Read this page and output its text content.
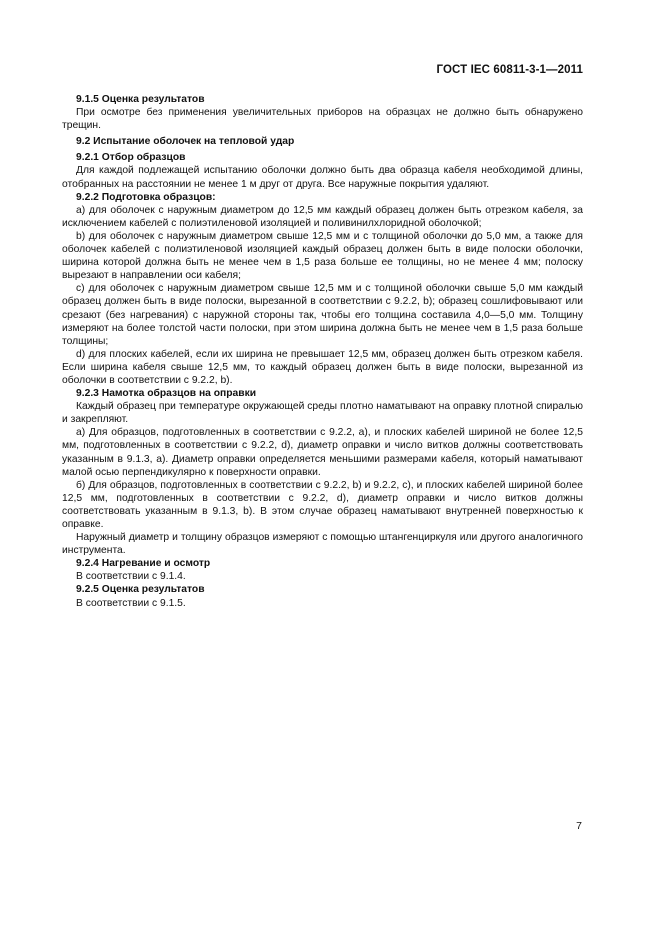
ГОСТ IEC 60811-3-1—2011

9.1.5 Оценка результатов

При осмотре без применения увеличительных приборов на образцах не должно быть обнаружено трещин.

9.2 Испытание оболочек на тепловой удар

9.2.1 Отбор образцов

Для каждой подлежащей испытанию оболочки должно быть два образца кабеля необходимой длины, отобранных на расстоянии не менее 1 м друг от друга. Все наружные покрытия удаляют.

9.2.2 Подготовка образцов:

а) для оболочек с наружным диаметром до 12,5 мм каждый образец должен быть отрезком кабеля, за исключением кабелей с полиэтиленовой изоляцией и поливинилхлоридной оболочкой;

b) для оболочек с наружным диаметром свыше 12,5 мм и с толщиной оболочки до 5,0 мм, а также для оболочек кабелей с полиэтиленовой изоляцией каждый образец должен быть в виде полоски оболочки, ширина которой должна быть не менее чем в 1,5 раза больше ее толщины, но не менее 4 мм; полоску вырезают в направлении оси кабеля;

c) для оболочек с наружным диаметром свыше 12,5 мм и с толщиной оболочки свыше 5,0 мм каждый образец должен быть в виде полоски, вырезанной в соответствии с 9.2.2, b); образец сошлифовывают или срезают (без нагревания) с наружной стороны так, чтобы его толщина составила 4,0—5,0 мм. Толщину измеряют на более толстой части полоски, при этом ширина должна быть не менее чем в 1,5 раза больше толщины;

d) для плоских кабелей, если их ширина не превышает 12,5 мм, образец должен быть отрезком кабеля. Если ширина кабеля свыше 12,5 мм, то каждый образец должен быть в виде полоски, вырезанной из оболочки в соответствии с 9.2.2, b).

9.2.3 Намотка образцов на оправки

Каждый образец при температуре окружающей среды плотно наматывают на оправку плотной спиралью и закрепляют.

а) Для образцов, подготовленных в соответствии с 9.2.2, а), и плоских кабелей шириной не более 12,5 мм, подготовленных в соответствии с 9.2.2, d), диаметр оправки и число витков должны соответствовать указанным в 9.1.3, а). Диаметр оправки определяется меньшими размерами кабеля, который наматывают малой осью перпендикулярно к поверхности оправки.

б) Для образцов, подготовленных в соответствии с 9.2.2, b) и 9.2.2, с), и плоских кабелей шириной более 12,5 мм, подготовленных в соответствии с 9.2.2, d), диаметр оправки и число витков должны соответствовать указанным в 9.1.3, b). В этом случае образец наматывают внутренней поверхностью к оправке.

Наружный диаметр и толщину образцов измеряют с помощью штангенциркуля или другого аналогичного инструмента.

9.2.4 Нагревание и осмотр

В соответствии с 9.1.4.

9.2.5 Оценка результатов

В соответствии с 9.1.5.

7
